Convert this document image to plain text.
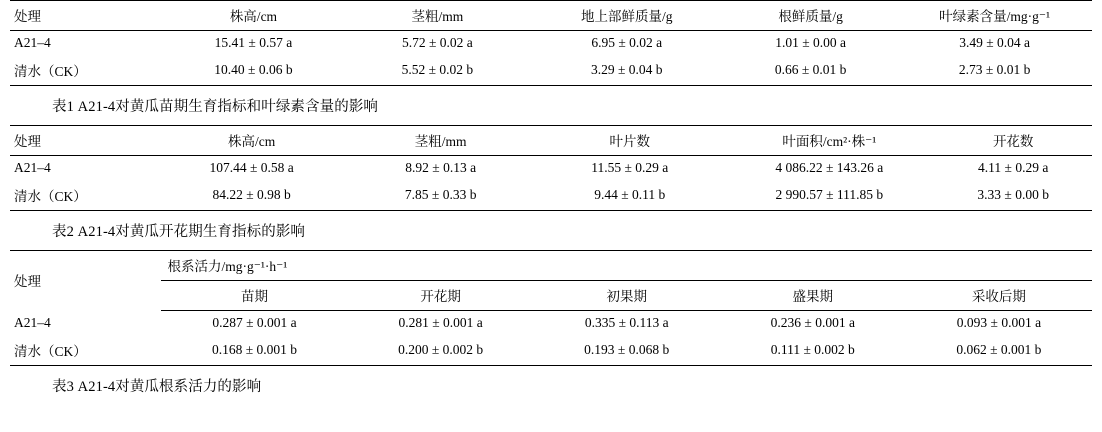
处理	株高/cm	茎粗/mm	地上部鲜质量/g	根鲜质量/g	叶绿素含量/mg·g⁻¹
A21–4	15.41 ± 0.57 a	5.72 ± 0.02 a	6.95 ± 0.02 a	1.01 ± 0.00 a	3.49 ± 0.04 a
清水（CK）	10.40 ± 0.06 b	5.52 ± 0.02 b	3.29 ± 0.04 b	0.66 ± 0.01 b	2.73 ± 0.01 b
表1 A21-4对黄瓜苗期生育指标和叶绿素含量的影响
处理	株高/cm	茎粗/mm	叶片数	叶面积/cm²·株⁻¹	开花数
A21–4	107.44 ± 0.58 a	8.92 ± 0.13 a	11.55 ± 0.29 a	4 086.22 ± 143.26 a	4.11 ± 0.29 a
清水（CK）	84.22 ± 0.98 b	7.85 ± 0.33 b	9.44 ± 0.11 b	2 990.57 ± 111.85 b	3.33 ± 0.00 b
表2 A21-4对黄瓜开花期生育指标的影响
处理	根系活力/mg·g⁻¹·h⁻¹				
	苗期	开花期	初果期	盛果期	采收后期
A21–4	0.287 ± 0.001 a	0.281 ± 0.001 a	0.335 ± 0.113 a	0.236 ± 0.001 a	0.093 ± 0.001 a
清水（CK）	0.168 ± 0.001 b	0.200 ± 0.002 b	0.193 ± 0.068 b	0.111 ± 0.002 b	0.062 ± 0.001 b
表3 A21-4对黄瓜根系活力的影响
